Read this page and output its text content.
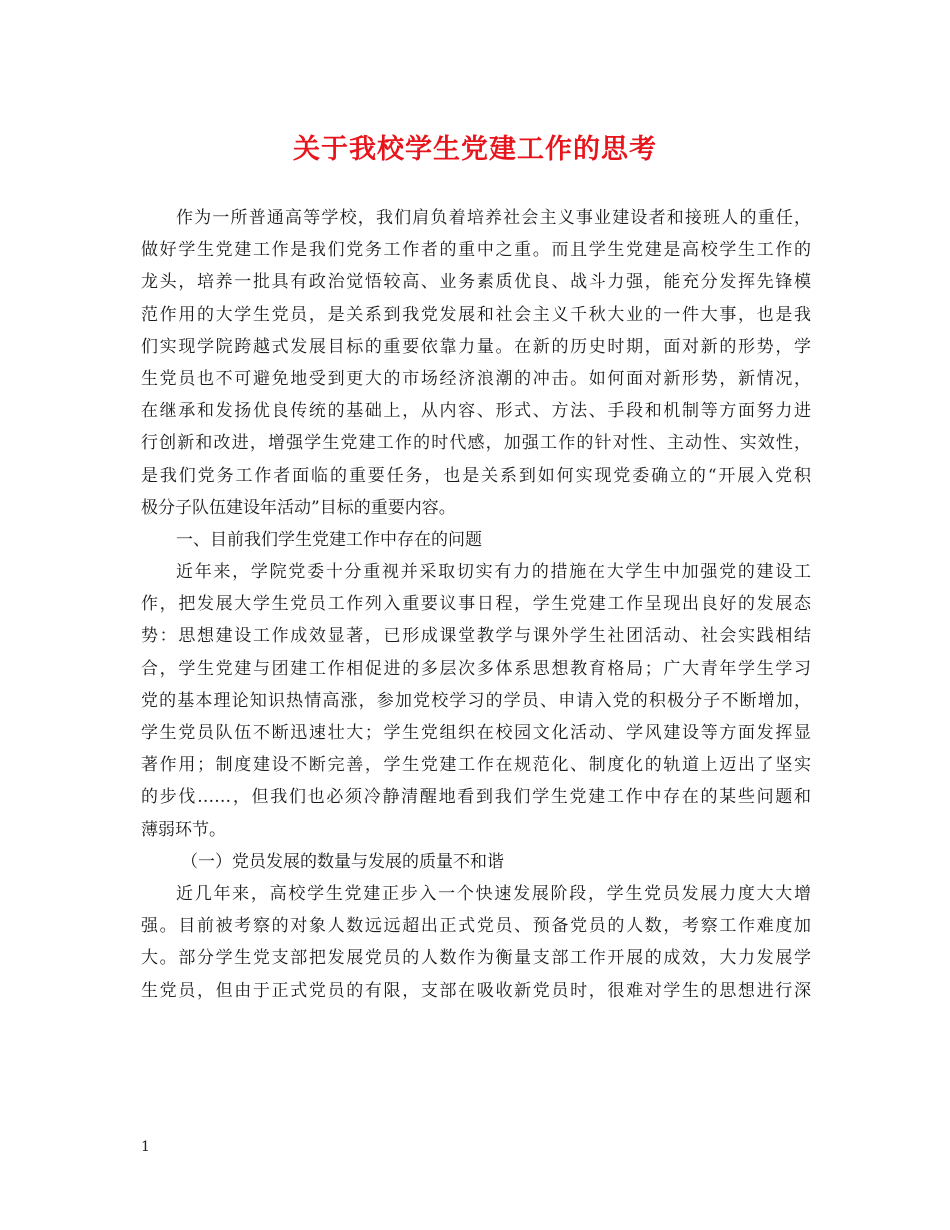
关于我校学生党建工作的思考
作为一所普通高等学校，我们肩负着培养社会主义事业建设者和接班人的重任，
做好学生党建工作是我们党务工作者的重中之重。而且学生党建是高校学生工作的
龙头，培养一批具有政治觉悟较高、业务素质优良、战斗力强，能充分发挥先锋模
范作用的大学生党员，是关系到我党发展和社会主义千秋大业的一件大事，也是我
们实现学院跨越式发展目标的重要依靠力量。在新的历史时期，面对新的形势，学
生党员也不可避免地受到更大的市场经济浪潮的冲击。如何面对新形势，新情况，
在继承和发扬优良传统的基础上，从内容、形式、方法、手段和机制等方面努力进
行创新和改进，增强学生党建工作的时代感，加强工作的针对性、主动性、实效性，
是我们党务工作者面临的重要任务，也是关系到如何实现党委确立的“开展入党积
极分子队伍建设年活动”目标的重要内容。
一、目前我们学生党建工作中存在的问题
近年来，学院党委十分重视并采取切实有力的措施在大学生中加强党的建设工
作，把发展大学生党员工作列入重要议事日程，学生党建工作呈现出良好的发展态
势：思想建设工作成效显著，已形成课堂教学与课外学生社团活动、社会实践相结
合，学生党建与团建工作相促进的多层次多体系思想教育格局；广大青年学生学习
党的基本理论知识热情高涨，参加党校学习的学员、申请入党的积极分子不断增加，
学生党员队伍不断迅速壮大；学生党组织在校园文化活动、学风建设等方面发挥显
著作用；制度建设不断完善，学生党建工作在规范化、制度化的轨道上迈出了坚实
的步伐……，但我们也必须冷静清醒地看到我们学生党建工作中存在的某些问题和
薄弱环节。
（一）党员发展的数量与发展的质量不和谐
近几年来，高校学生党建正步入一个快速发展阶段，学生党员发展力度大大增
强。目前被考察的对象人数远远超出正式党员、预备党员的人数，考察工作难度加
大。部分学生党支部把发展党员的人数作为衡量支部工作开展的成效，大力发展学
生党员，但由于正式党员的有限，支部在吸收新党员时，很难对学生的思想进行深
1
